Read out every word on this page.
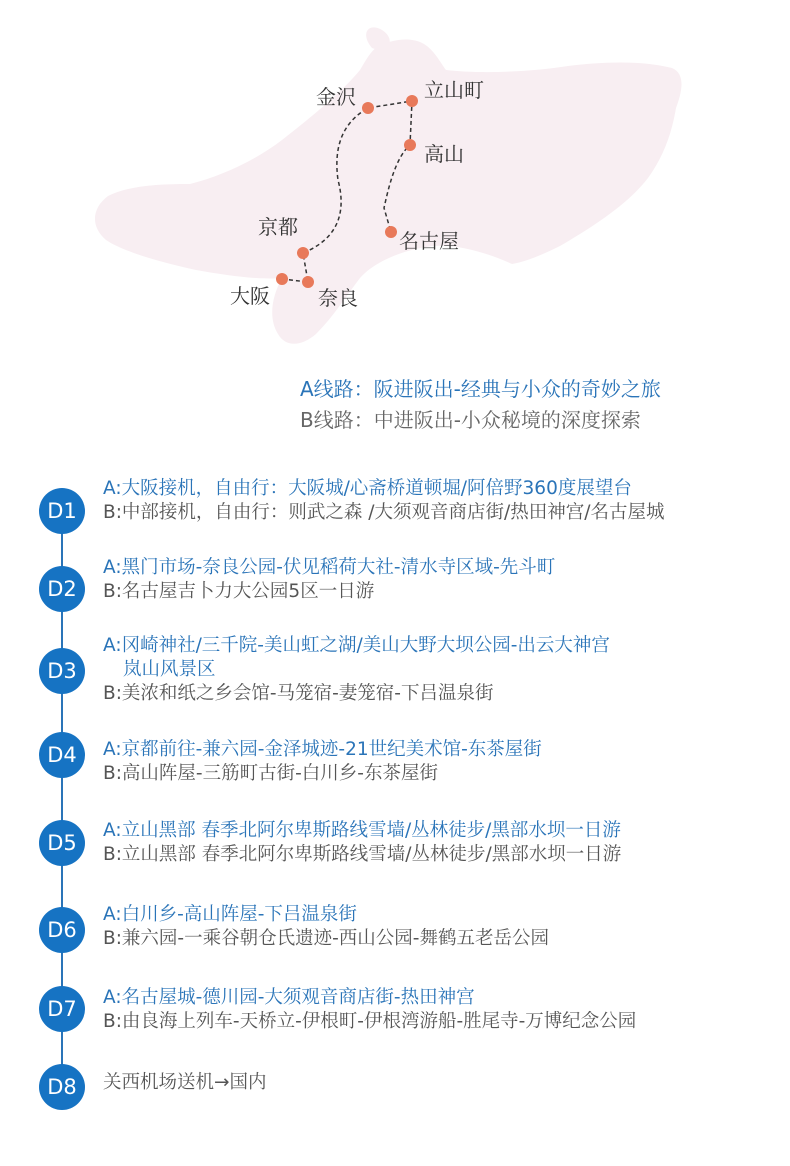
金沢	立山町
高山
京都
名古屋
大阪 奈良
A线路：阪进阪出-经典与小众的奇妙之旅
B线路：中进阪出-小众秘境的深度探索
D1
A:大阪接机，自由行：大阪城/心斋桥道顿堀/阿倍野360度展望台
B:中部接机，自由行：则武之森 /大须观音商店街/热田神宫/名古屋城
D2
A:黑门市场-奈良公园-伏见稻荷大社-清水寺区域-先斗町
B:名古屋吉卜力大公园5区一日游
D3
A:冈崎神社/三千院-美山虹之湖/美山大野大坝公园-出云大神宫
岚山风景区
B:美浓和纸之乡会馆-马笼宿-妻笼宿-下吕温泉街
D4	A:京都前往-兼六园-金泽城迹-21世纪美术馆-东茶屋街
B:高山阵屋-三筋町古街-白川乡-东茶屋街
D5
A:立山黑部 春季北阿尔卑斯路线雪墙/丛林徒步/黑部水坝一日游
B:立山黑部 春季北阿尔卑斯路线雪墙/丛林徒步/黑部水坝一日游
D6
A:白川乡-高山阵屋-下吕温泉街
B:兼六园-一乘谷朝仓氏遗迹-西山公园-舞鹤五老岳公园
D7	A:名古屋城-德川园-大须观音商店街-热田神宫
B:由良海上列车-天桥立-伊根町-伊根湾游船-胜尾寺-万博纪念公园
D8	关西机场送机→国内
